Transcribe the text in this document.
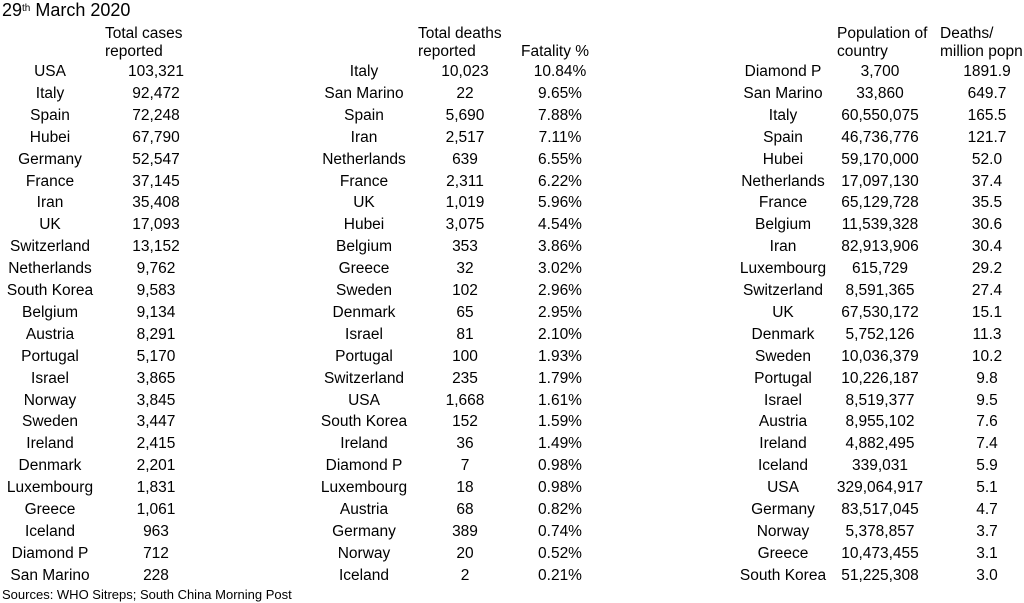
29th March 2020
Total cases
reported
Total deaths
reported	Fatality %
Population of
country
Deaths/
million popn
USA	103,321
Italy	92,472
Spain	72,248
Hubei	67,790
Germany	52,547
France	37,145
Iran	35,408
UK	17,093
Switzerland	13,152
Netherlands	9,762
South Korea	9,583
Belgium	9,134
Austria	8,291
Portugal	5,170
Israel	3,865
Norway	3,845
Sweden	3,447
Ireland	2,415
Denmark	2,201
Luxembourg	1,831
Greece	1,061
Iceland	963
Diamond P	712
San Marino	228
Italy	10,023	10.84%
San Marino	22	9.65%
Spain	5,690	7.88%
Iran	2,517	7.11%
Netherlands	639	6.55%
France	2,311	6.22%
UK	1,019	5.96%
Hubei	3,075	4.54%
Belgium	353	3.86%
Greece	32	3.02%
Sweden	102	2.96%
Denmark	65	2.95%
Israel	81	2.10%
Portugal	100	1.93%
Switzerland	235	1.79%
USA	1,668	1.61%
South Korea	152	1.59%
Ireland	36	1.49%
Diamond P	7	0.98%
Luxembourg	18	0.98%
Austria	68	0.82%
Germany	389	0.74%
Norway	20	0.52%
Iceland	2	0.21%
Diamond P	3,700	1891.9
San Marino	33,860	649.7
Italy	60,550,075	165.5
Spain	46,736,776	121.7
Hubei	59,170,000	52.0
Netherlands	17,097,130	37.4
France	65,129,728	35.5
Belgium	11,539,328	30.6
Iran	82,913,906	30.4
Luxembourg	615,729	29.2
Switzerland	8,591,365	27.4
UK	67,530,172	15.1
Denmark	5,752,126	11.3
Sweden	10,036,379	10.2
Portugal	10,226,187	9.8
Israel	8,519,377	9.5
Austria	8,955,102	7.6
Ireland	4,882,495	7.4
Iceland	339,031	5.9
USA	329,064,917	5.1
Germany	83,517,045	4.7
Norway	5,378,857	3.7
Greece	10,473,455	3.1
South Korea 51,225,308	3.0
Sources: WHO Sitreps; South China Morning Post
